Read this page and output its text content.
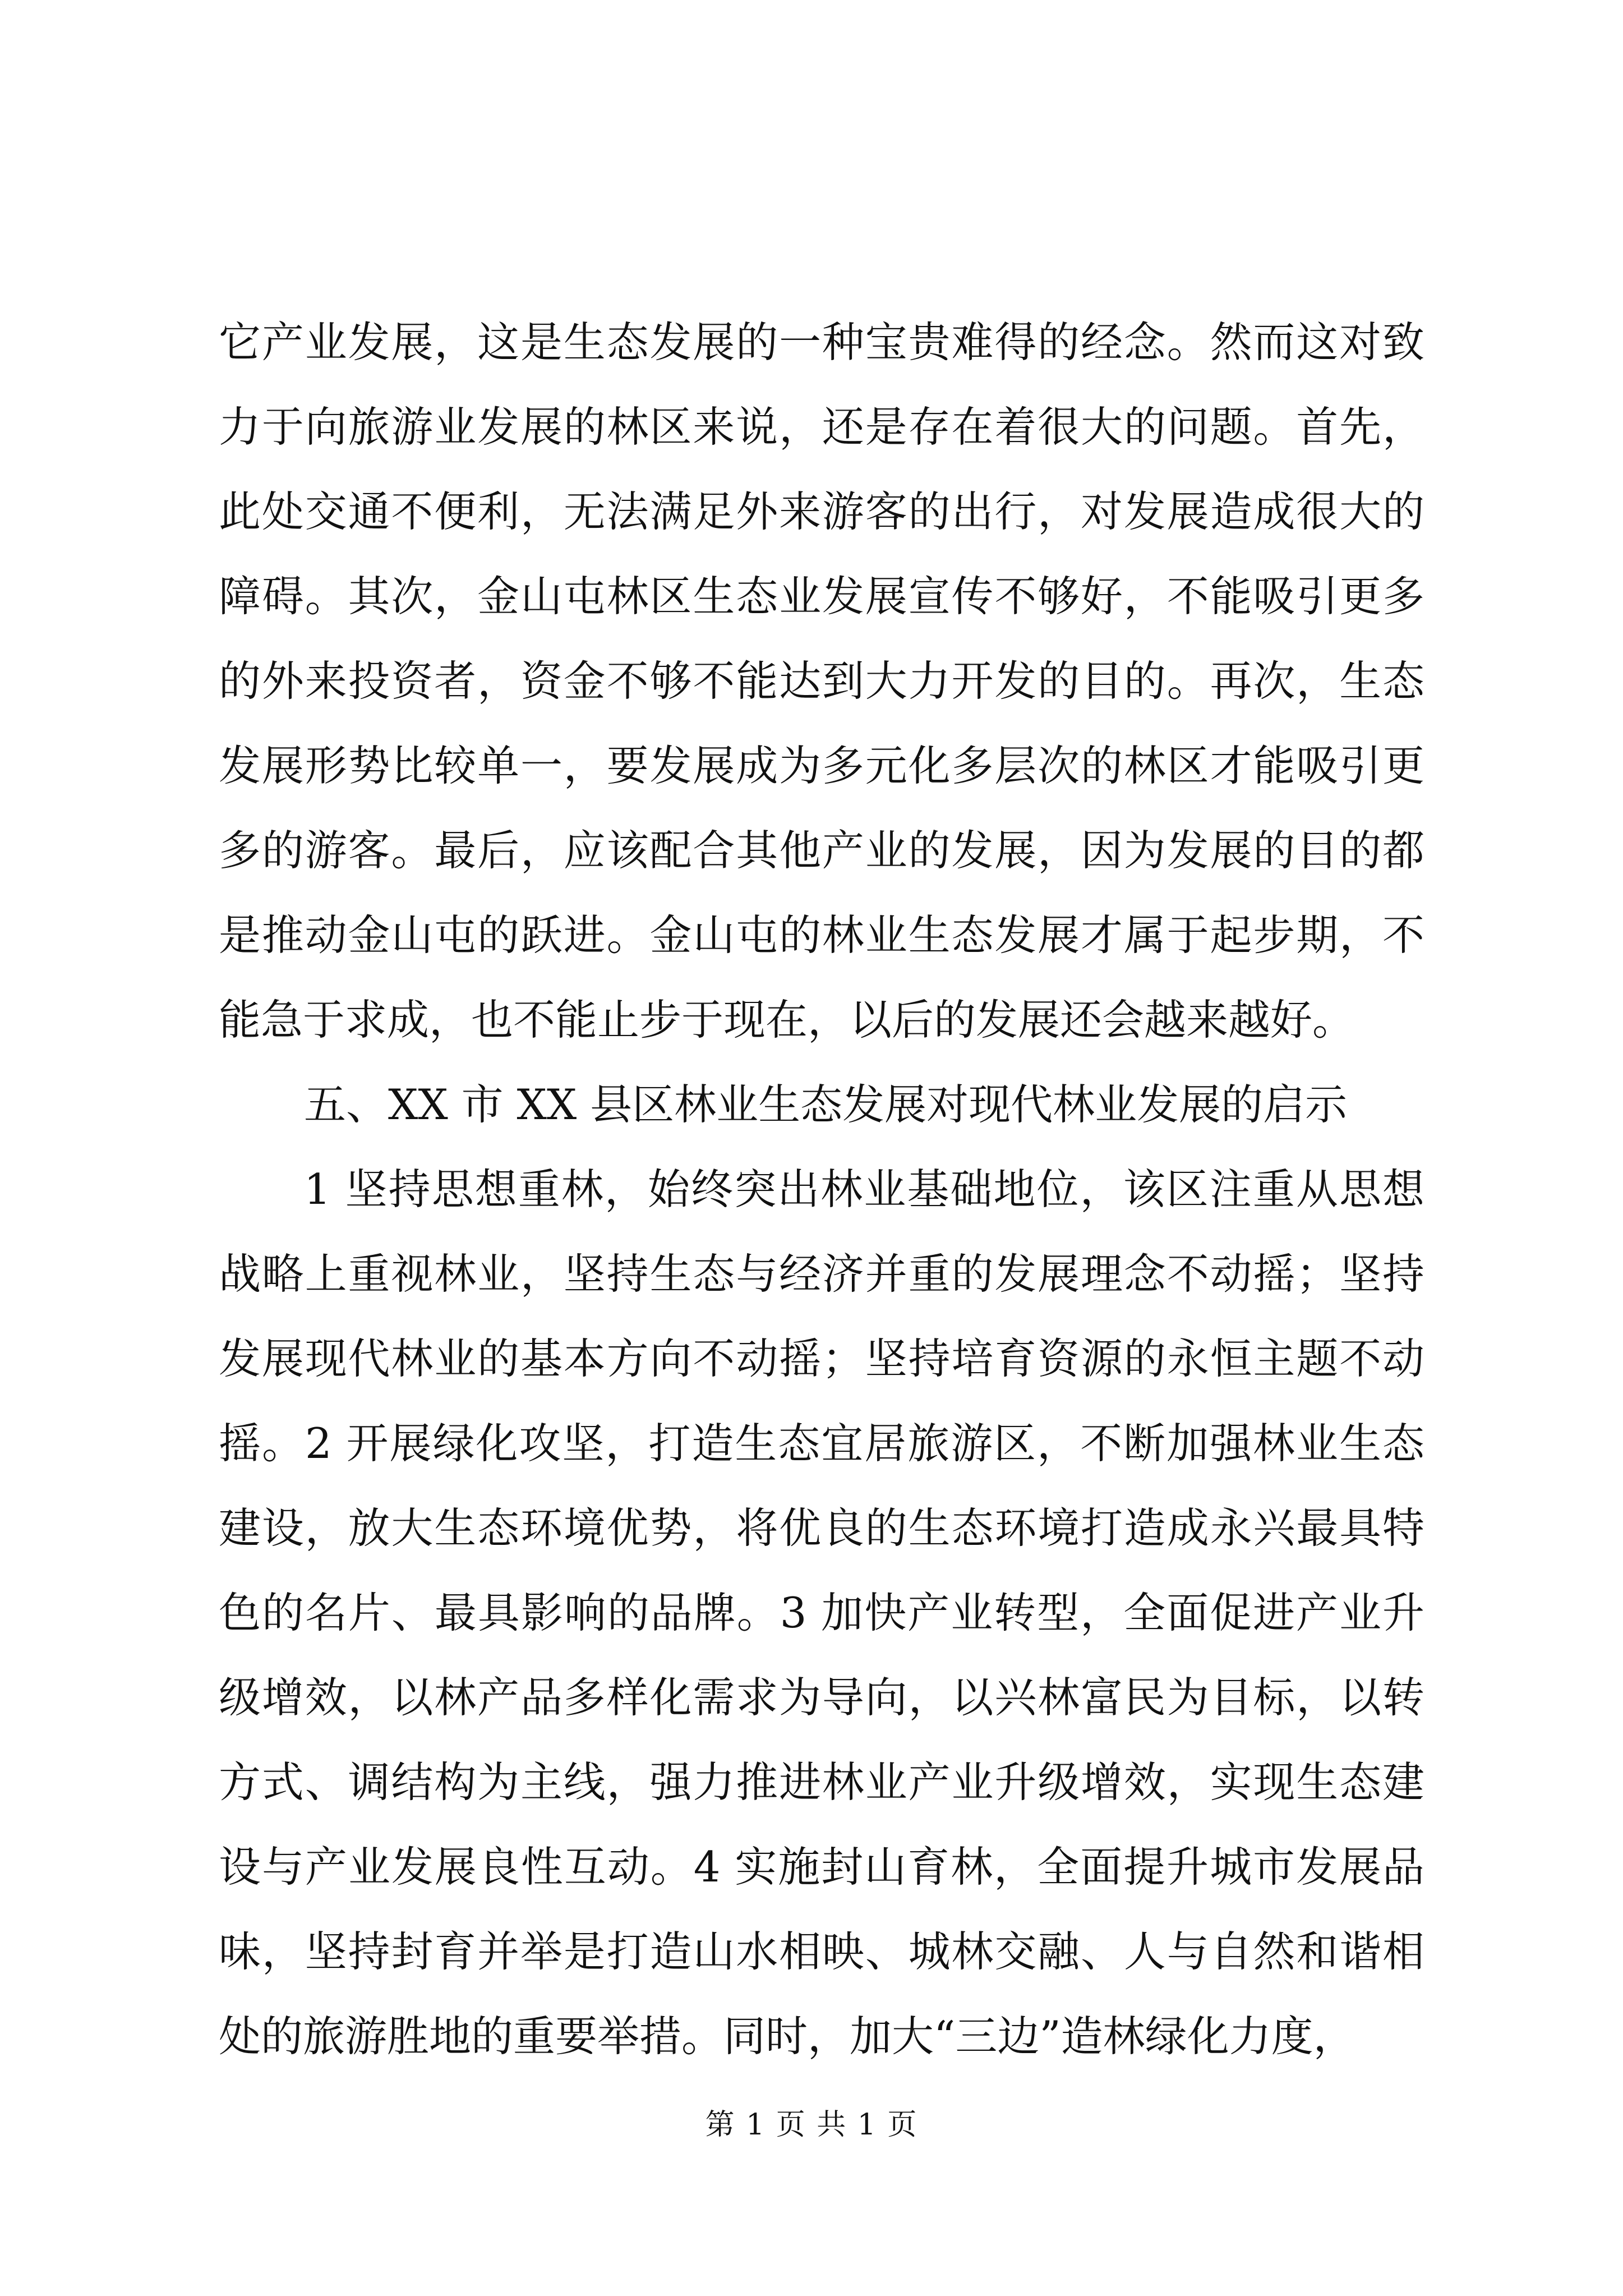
它产业发展，这是生态发展的一种宝贵难得的经念。然而这对致力于向旅游业发展的林区来说，还是存在着很大的问题。首先，此处交通不便利，无法满足外来游客的出行，对发展造成很大的障碍。其次，金山屯林区生态业发展宣传不够好，不能吸引更多的外来投资者，资金不够不能达到大力开发的目的。再次，生态发展形势比较单一，要发展成为多元化多层次的林区才能吸引更多的游客。最后，应该配合其他产业的发展，因为发展的目的都是推动金山屯的跃进。金山屯的林业生态发展才属于起步期，不能急于求成，也不能止步于现在，以后的发展还会越来越好。

五、XX 市 XX 县区林业生态发展对现代林业发展的启示

1 坚持思想重林，始终突出林业基础地位，该区注重从思想战略上重视林业，坚持生态与经济并重的发展理念不动摇；坚持发展现代林业的基本方向不动摇；坚持培育资源的永恒主题不动摇。2 开展绿化攻坚，打造生态宜居旅游区，不断加强林业生态建设，放大生态环境优势，将优良的生态环境打造成永兴最具特色的名片、最具影响的品牌。3 加快产业转型，全面促进产业升级增效，以林产品多样化需求为导向，以兴林富民为目标，以转方式、调结构为主线，强力推进林业产业升级增效，实现生态建设与产业发展良性互动。4 实施封山育林，全面提升城市发展品味，坚持封育并举是打造山水相映、城林交融、人与自然和谐相处的旅游胜地的重要举措。同时，加大“三边”造林绿化力度，

第 1 页 共 1 页
